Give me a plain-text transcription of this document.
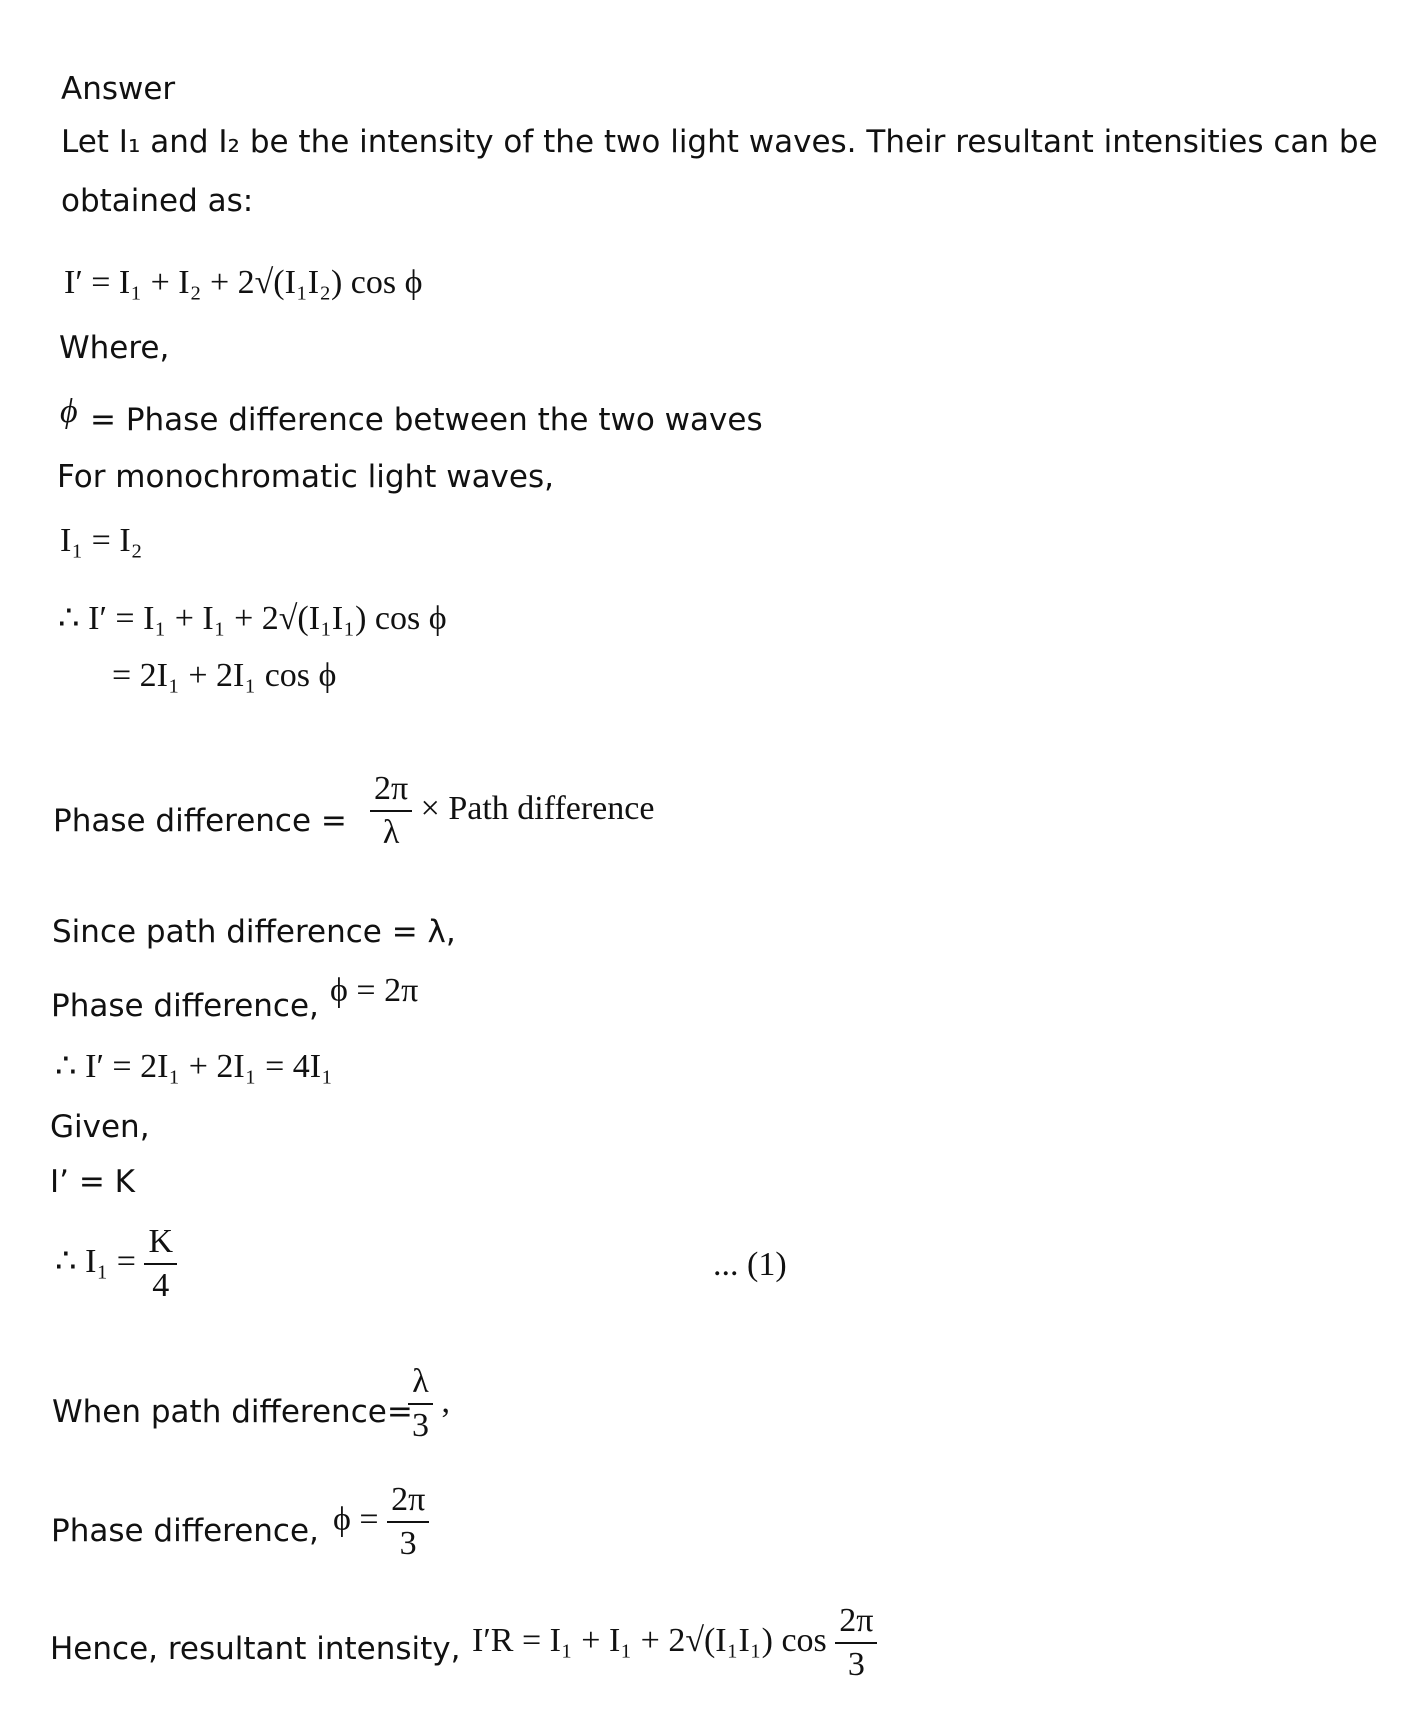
Answer
Let I₁ and I₂ be the intensity of the two light waves. Their resultant intensities can be
obtained as:
I′ = I₁ + I₂ + 2√(I₁I₂) cos ϕ
Where,
ϕ = Phase difference between the two waves
For monochromatic light waves,
I₁ = I₂
∴ I′ = I₁ + I₁ + 2√(I₁I₁) cos ϕ
= 2I₁ + 2I₁ cos ϕ
Phase difference = $\frac{2\pi}{\lambda}$ × Path difference
Since path difference = λ,
Phase difference, ϕ = 2π
∴ I′ = 2I₁ + 2I₁ = 4I₁
Given,
I’ = K
∴ $I_1 = \frac{K}{4}$	... (1)
When path difference=
$\frac{\lambda}{3}$ ,
Phase difference, $\phi = \frac{2\pi}{3}$
Hence, resultant intensity, I′R = I₁ + I₁ + 2√(I₁I₁) $\cos \frac{2\pi}{3}$
